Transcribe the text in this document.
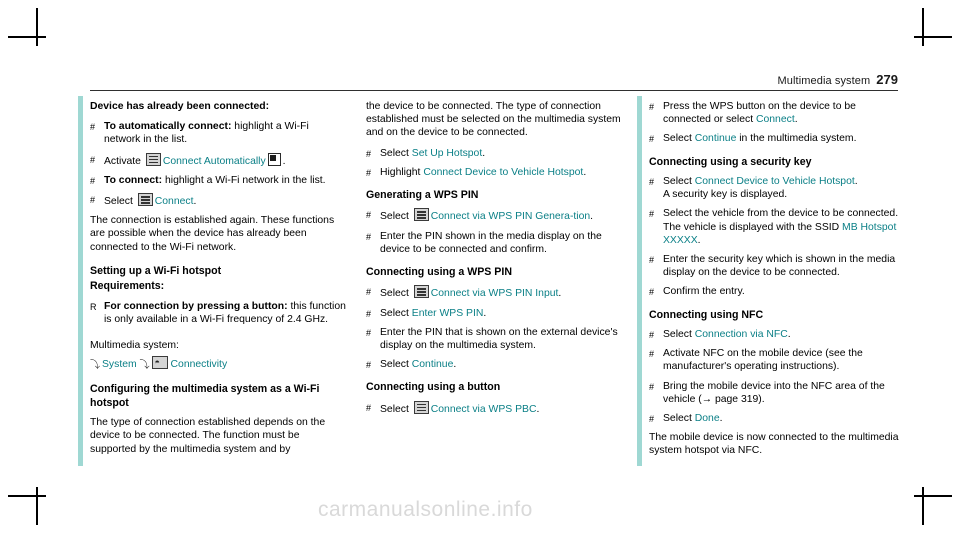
Multimedia system 279

Device has already been connected:

# To automatically connect: highlight a Wi-Fi network in the list.
# Activate Connect Automatically .
# To connect: highlight a Wi-Fi network in the list.
# Select Connect.

The connection is established again. These functions are possible when the device has already been connected to the Wi-Fi network.

Setting up a Wi-Fi hotspot

Requirements:

R For connection by pressing a button: this function is only available in a Wi-Fi frequency of 2.4 GHz.

Multimedia system:

⤵ System ⤵ ◓ Connectivity

Configuring the multimedia system as a Wi-Fi hotspot

The type of connection established depends on the device to be connected. The function must be supported by the multimedia system and by

the device to be connected. The type of connection established must be selected on the multimedia system and on the device to be connected.

# Select Set Up Hotspot.
# Highlight Connect Device to Vehicle Hotspot.

Generating a WPS PIN

# Select Connect via WPS PIN Genera-tion.
# Enter the PIN shown in the media display on the device to be connected and confirm.

Connecting using a WPS PIN

# Select Connect via WPS PIN Input.
# Select Enter WPS PIN.
# Enter the PIN that is shown on the external device's display on the multimedia system.
# Select Continue.

Connecting using a button

# Select Connect via WPS PBC.
# Press the WPS button on the device to be connected or select Connect.
# Select Continue in the multimedia system.

Connecting using a security key

# Select Connect Device to Vehicle Hotspot.
A security key is displayed.
# Select the vehicle from the device to be connected. The vehicle is displayed with the SSID MB Hotspot XXXXX.
# Enter the security key which is shown in the media display on the device to be connected.
# Confirm the entry.

Connecting using NFC

# Select Connection via NFC.
# Activate NFC on the mobile device (see the manufacturer's operating instructions).
# Bring the mobile device into the NFC area of the vehicle (→ page 319).
# Select Done.

The mobile device is now connected to the multimedia system hotspot via NFC.

carmanualsonline.info
